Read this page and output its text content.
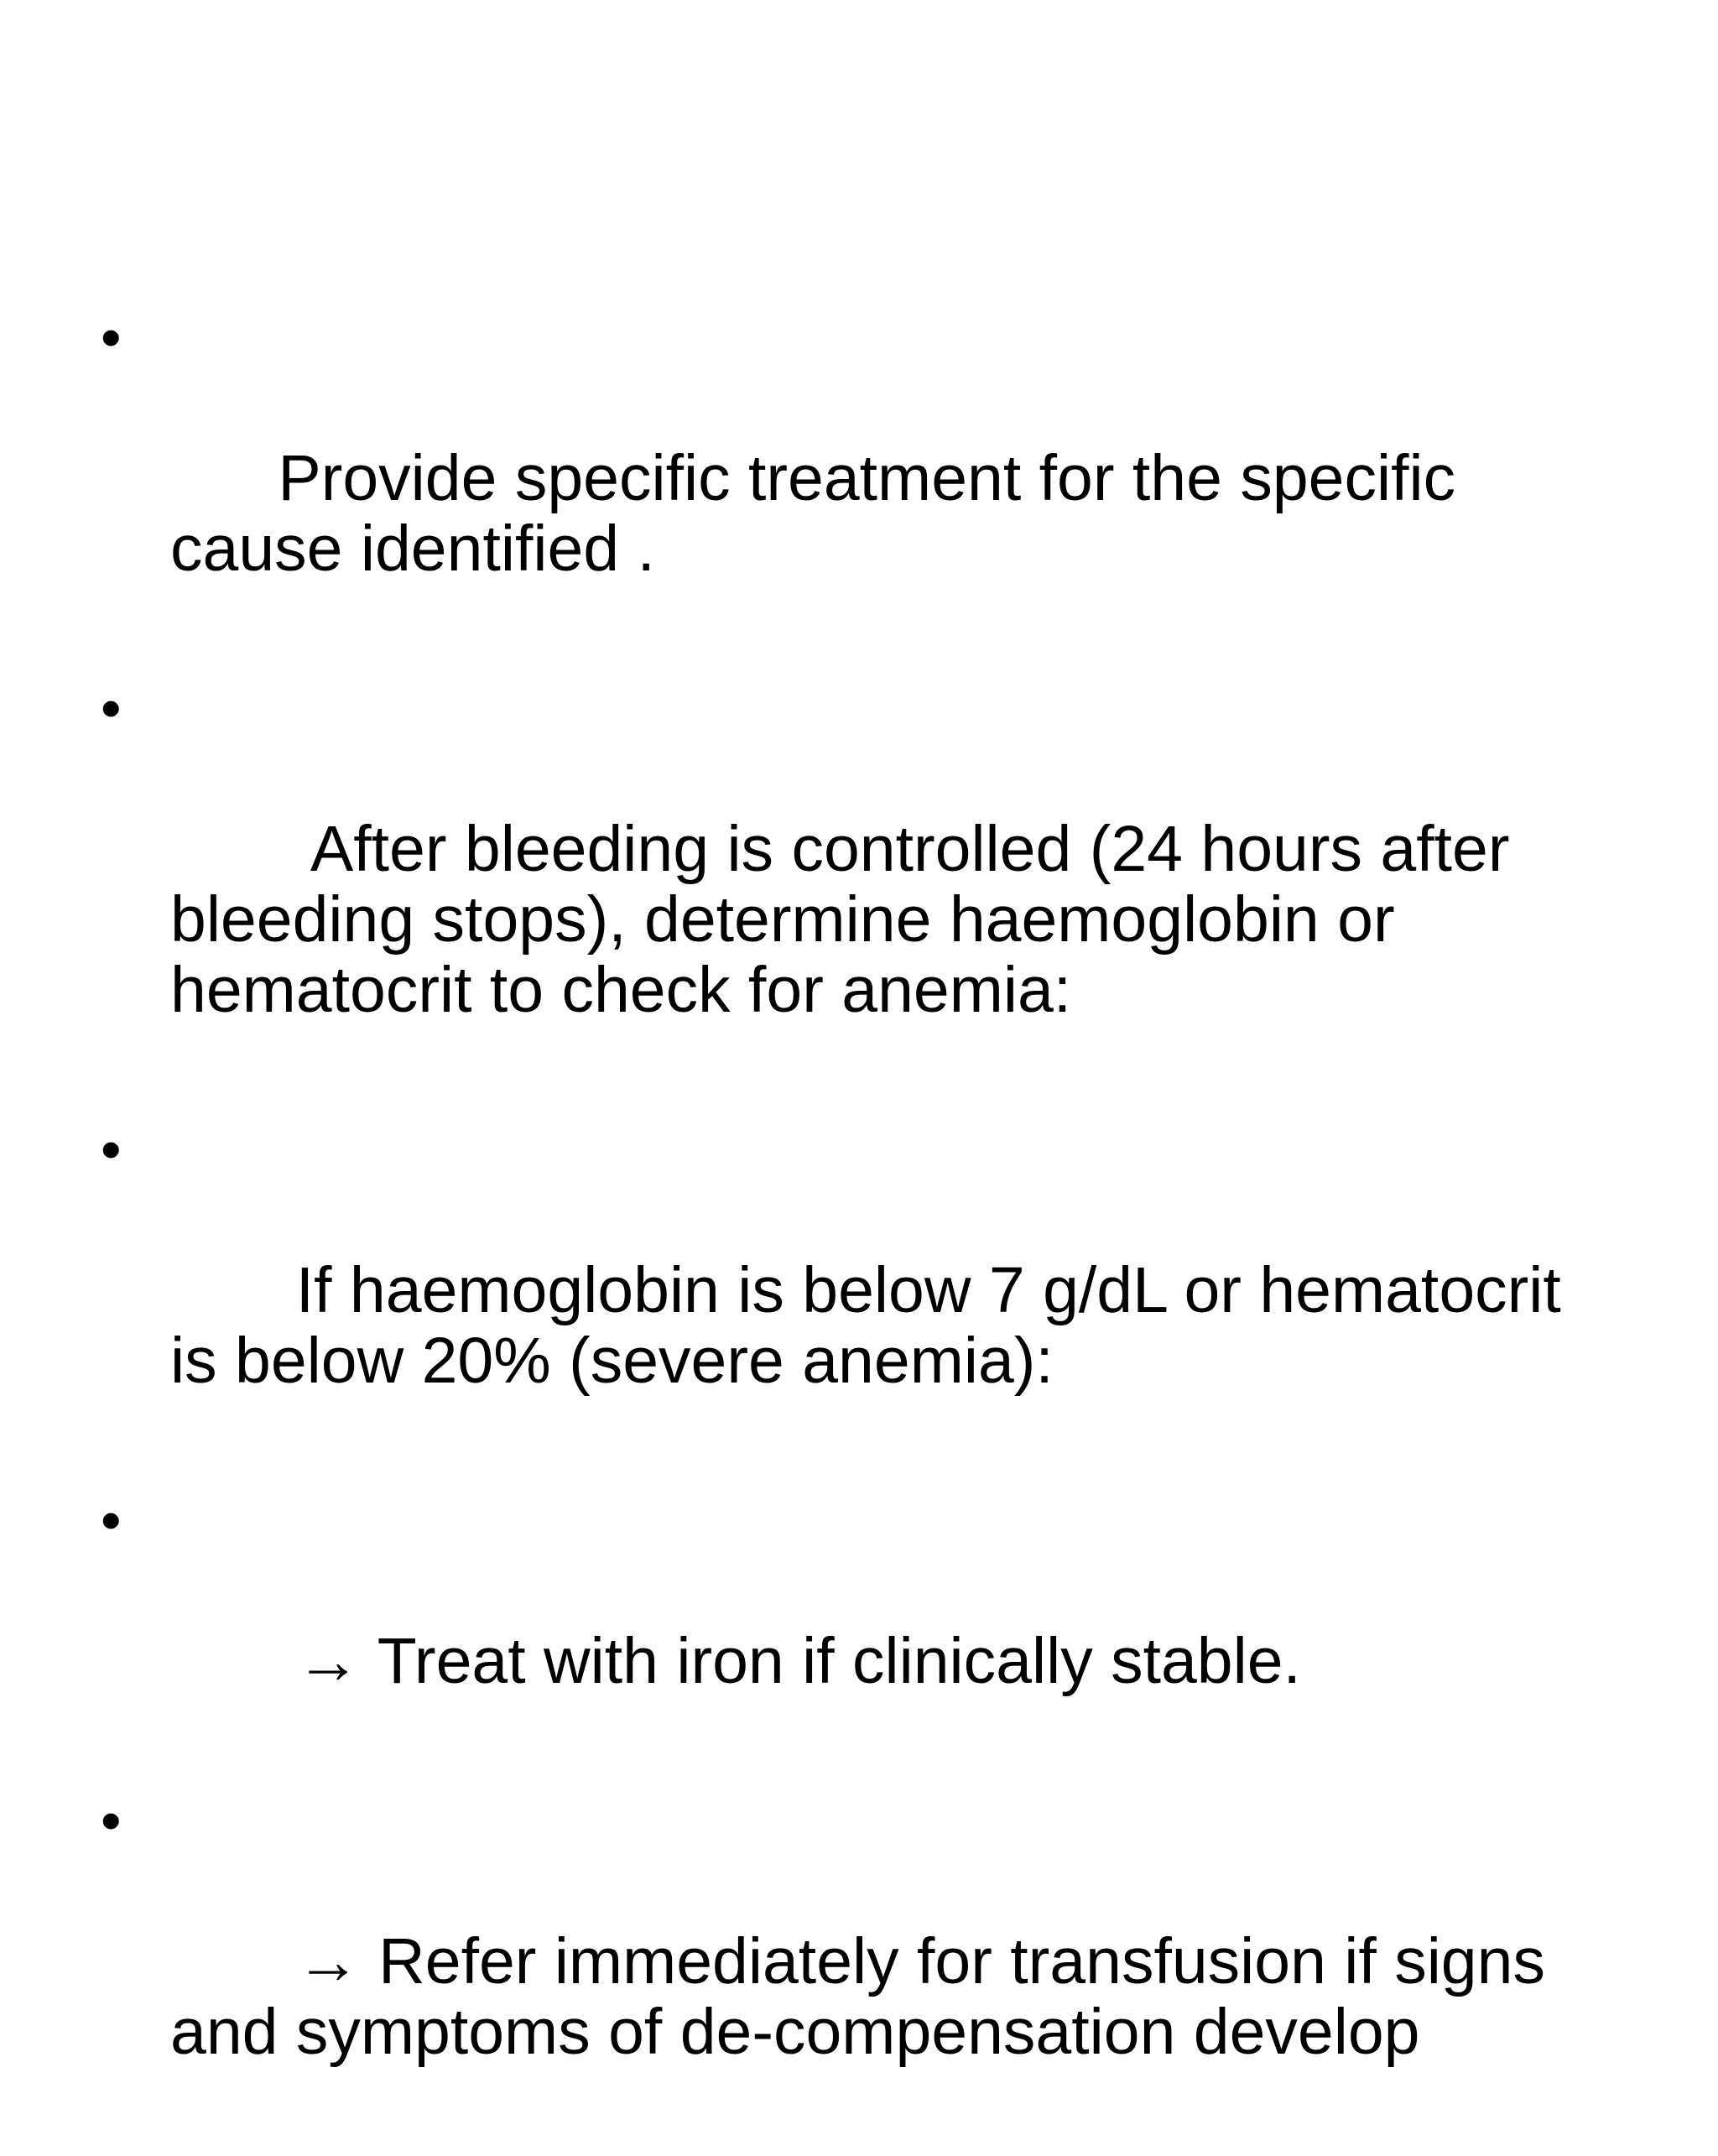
•

Provide specific treatment for the specific cause identified .

•

After bleeding is controlled (24 hours after bleeding stops), determine haemoglobin or hematocrit to check for anemia:

•

If haemoglobin is below 7 g/dL or hematocrit is below 20% (severe anemia):

•

→ Treat with iron if clinically stable.

•

→ Refer immediately for transfusion if signs and symptoms of de-compensation develop
